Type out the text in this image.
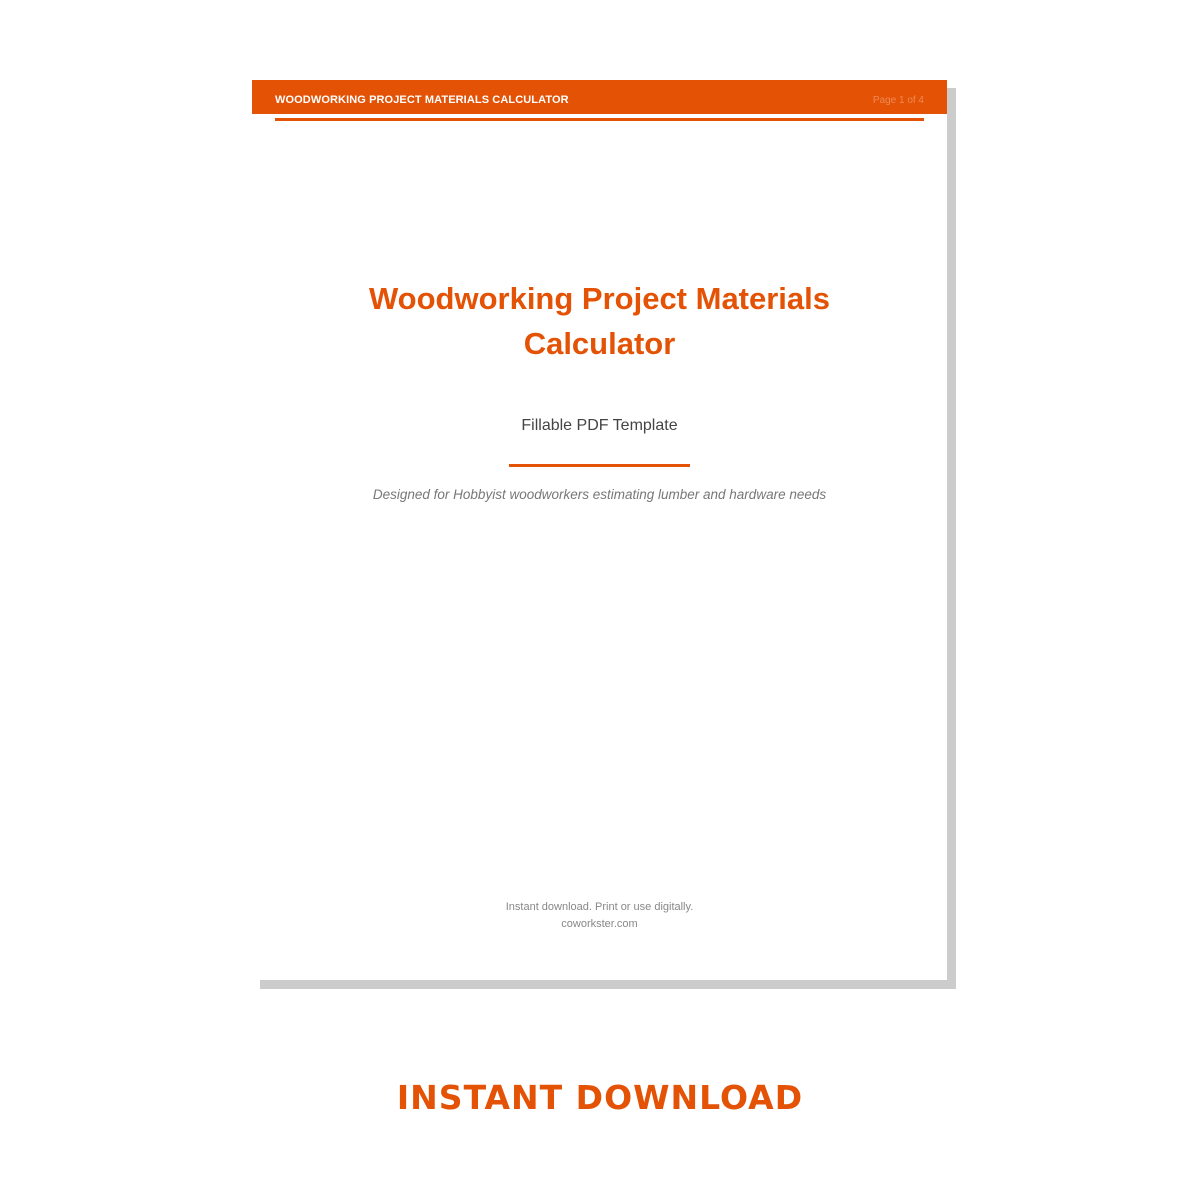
WOODWORKING PROJECT MATERIALS CALCULATOR	Page 1 of 4
Woodworking Project Materials
Calculator
Fillable PDF Template
Designed for Hobbyist woodworkers estimating lumber and hardware needs
Instant download. Print or use digitally.
coworkster.com
INSTANT DOWNLOAD
